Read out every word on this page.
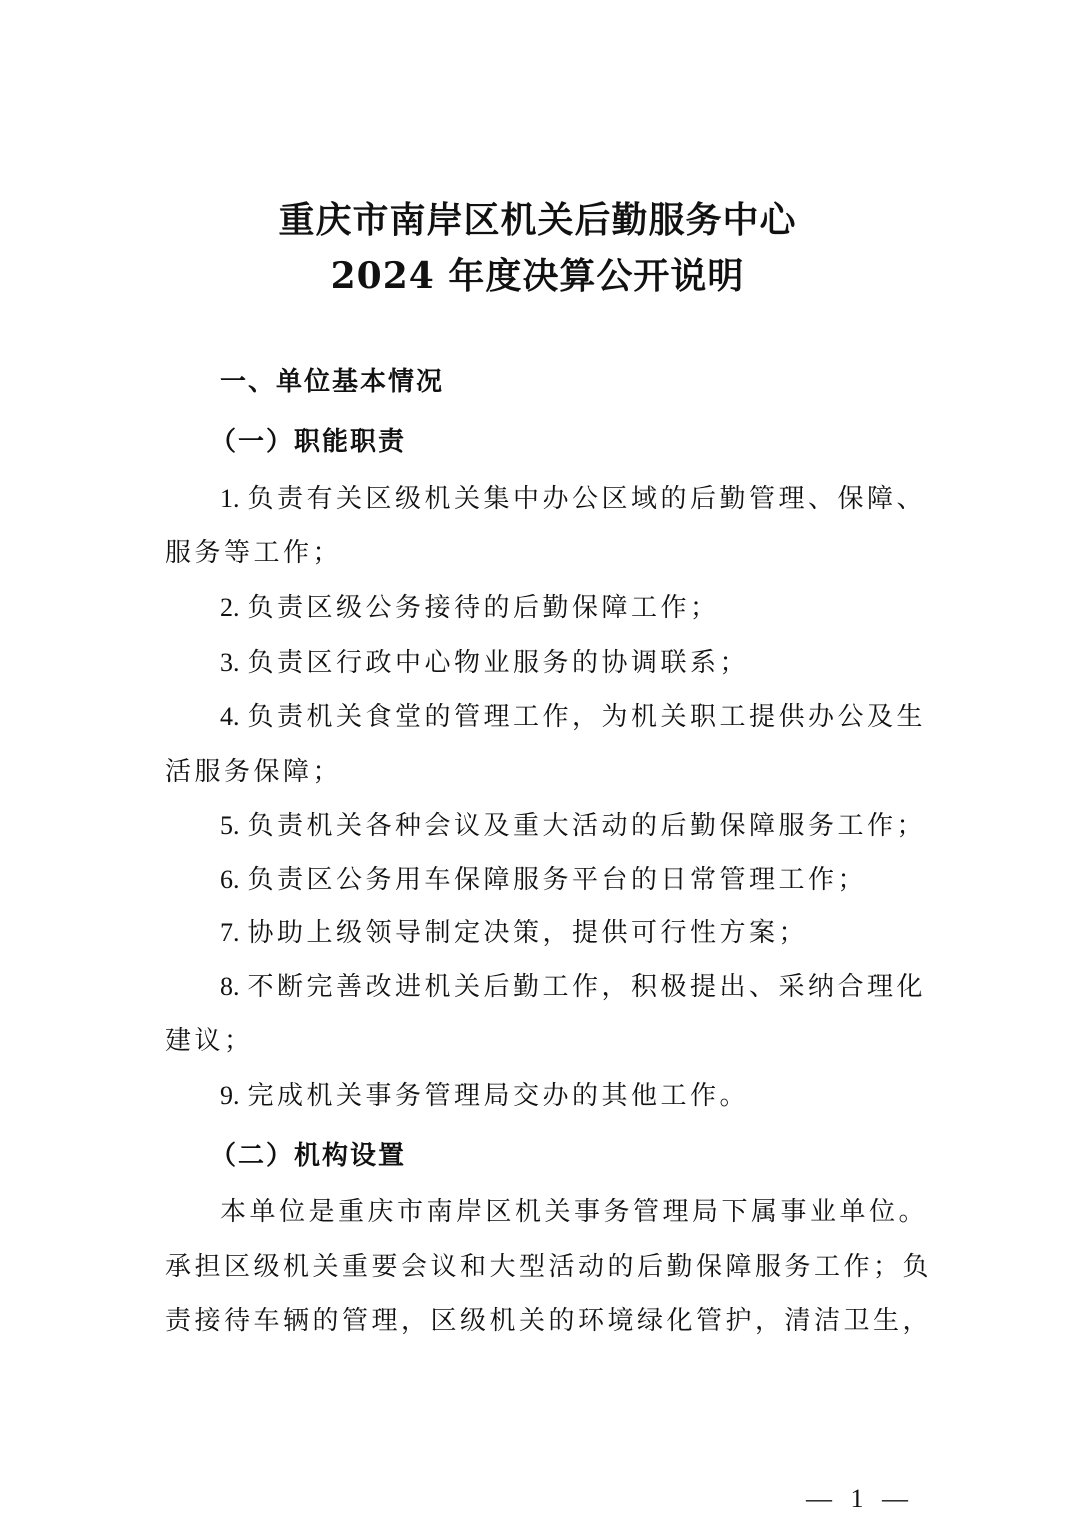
重庆市南岸区机关后勤服务中心
2024 年度决算公开说明
一、单位基本情况
（一）职能职责
1. 负责有关区级机关集中办公区域的后勤管理、保障、
服务等工作；
2. 负责区级公务接待的后勤保障工作；
3. 负责区行政中心物业服务的协调联系；
4. 负责机关食堂的管理工作，为机关职工提供办公及生
活服务保障；
5. 负责机关各种会议及重大活动的后勤保障服务工作；
6. 负责区公务用车保障服务平台的日常管理工作；
7. 协助上级领导制定决策，提供可行性方案；
8. 不断完善改进机关后勤工作，积极提出、采纳合理化
建议；
9. 完成机关事务管理局交办的其他工作。
（二）机构设置
本单位是重庆市南岸区机关事务管理局下属事业单位。
承担区级机关重要会议和大型活动的后勤保障服务工作；负
责接待车辆的管理，区级机关的环境绿化管护，清洁卫生，
— 1 —
